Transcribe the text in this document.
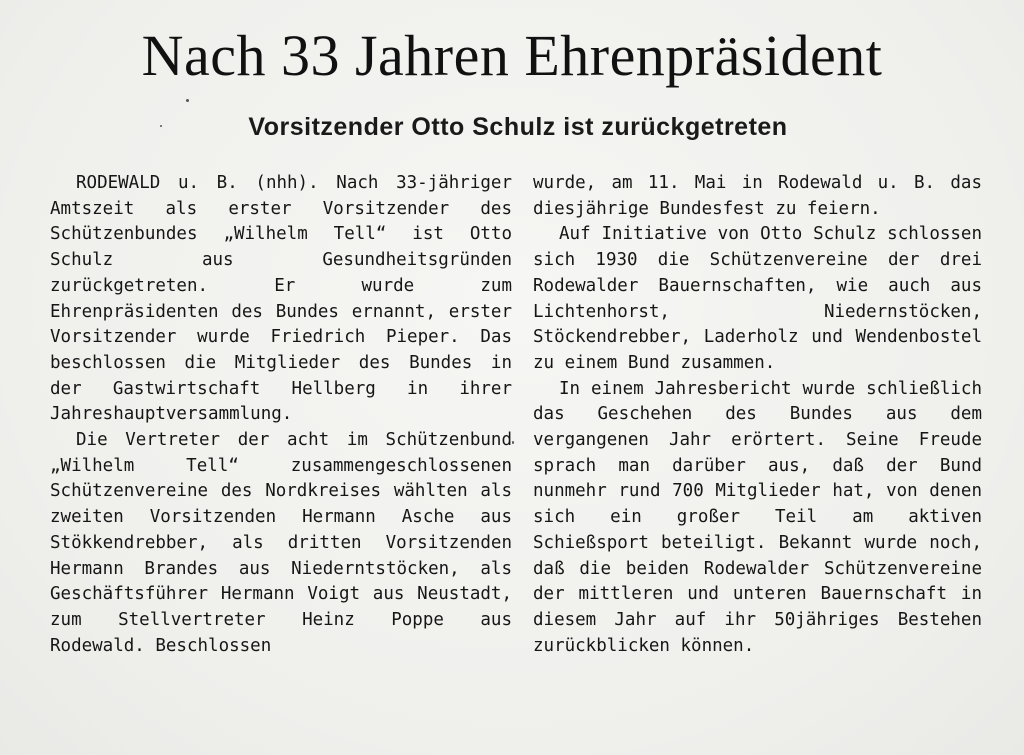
Nach 33 Jahren Ehrenpräsident
Vorsitzender Otto Schulz ist zurückgetreten

RODEWALD u. B. (nhh). Nach 33-jähriger Amtszeit als erster Vorsitzender des Schützenbundes „Wilhelm Tell“ ist Otto Schulz aus Gesundheitsgründen zurückgetreten. Er wurde zum Ehrenpräsidenten des Bundes ernannt, erster Vorsitzender wurde Friedrich Pieper. Das beschlossen die Mitglieder des Bundes in der Gastwirtschaft Hellberg in ihrer Jahreshauptversammlung.

Die Vertreter der acht im Schützenbund „Wilhelm Tell“ zusammengeschlossenen Schützenvereine des Nordkreises wählten als zweiten Vorsitzenden Hermann Asche aus Stökkendrebber, als dritten Vorsitzenden Hermann Brandes aus Niederntstöcken, als Geschäftsführer Hermann Voigt aus Neustadt, zum Stellvertreter Heinz Poppe aus Rodewald. Beschlossen

wurde, am 11. Mai in Rodewald u. B. das diesjährige Bundesfest zu feiern.

Auf Initiative von Otto Schulz schlossen sich 1930 die Schützenvereine der drei Rodewalder Bauernschaften, wie auch aus Lichtenhorst, Niedernstöcken, Stöckendrebber, Laderholz und Wendenbostel zu einem Bund zusammen.

In einem Jahresbericht wurde schließlich das Geschehen des Bundes aus dem vergangenen Jahr erörtert. Seine Freude sprach man darüber aus, daß der Bund nunmehr rund 700 Mitglieder hat, von denen sich ein großer Teil am aktiven Schießsport beteiligt. Bekannt wurde noch, daß die beiden Rodewalder Schützenvereine der mittleren und unteren Bauernschaft in diesem Jahr auf ihr 50jähriges Bestehen zurückblicken können.
